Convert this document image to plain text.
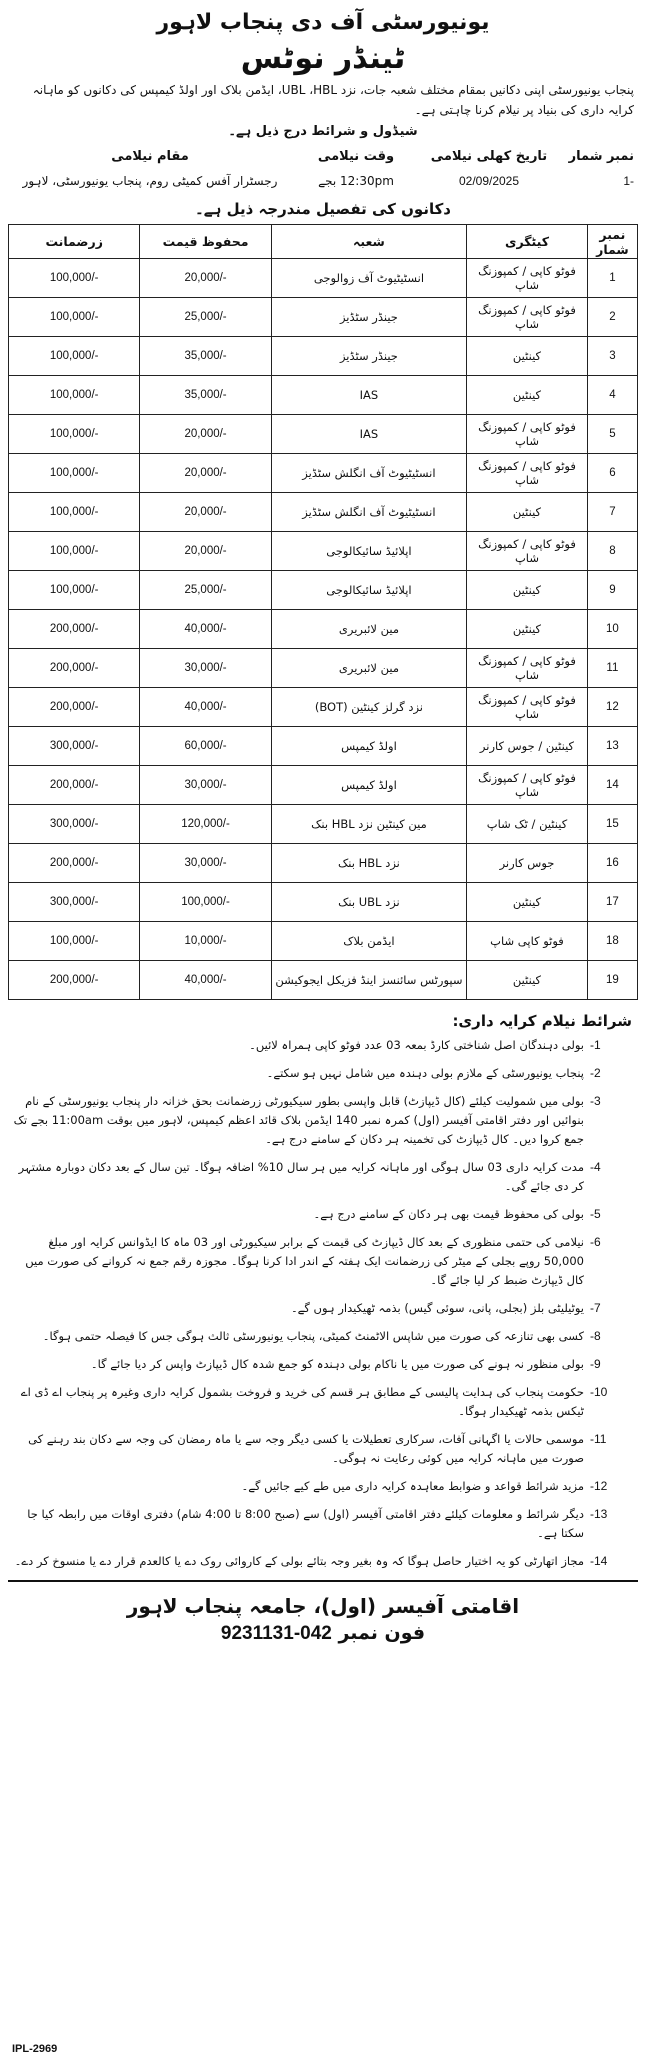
یونیورسٹی آف دی پنجاب لاہور
ٹینڈر نوٹس
پنجاب یونیورسٹی اپنی دکانیں بمقام مختلف شعبہ جات، نزد UBL ،HBL، ایڈمن بلاک اور اولڈ کیمپس کی دکانوں کو ماہانہ کرایہ داری کی بنیاد پر نیلام کرنا چاہتی ہے۔
شیڈول و شرائط درج ذیل ہے۔
نمبر شمار	تاریخ کھلی نیلامی	وقت نیلامی	مقام نیلامی
1-	02/09/2025	12:30pm بجے	رجسٹرار آفس کمیٹی روم، پنجاب یونیورسٹی، لاہور
دکانوں کی تفصیل مندرجہ ذیل ہے۔
نمبر شمار	کیٹگری	شعبہ	محفوظ قیمت	زرضمانت
1	فوٹو کاپی / کمپوزنگ شاپ	انسٹیٹیوٹ آف زوالوجی	20,000/-	100,000/-
2	فوٹو کاپی / کمپوزنگ شاپ	جینڈر سٹڈیز	25,000/-	100,000/-
3	کینٹین	جینڈر سٹڈیز	35,000/-	100,000/-
4	کینٹین	IAS	35,000/-	100,000/-
5	فوٹو کاپی / کمپوزنگ شاپ	IAS	20,000/-	100,000/-
6	فوٹو کاپی / کمپوزنگ شاپ	انسٹیٹیوٹ آف انگلش سٹڈیز	20,000/-	100,000/-
7	کینٹین	انسٹیٹیوٹ آف انگلش سٹڈیز	20,000/-	100,000/-
8	فوٹو کاپی / کمپوزنگ شاپ	اپلائیڈ سائیکالوجی	20,000/-	100,000/-
9	کینٹین	اپلائیڈ سائیکالوجی	25,000/-	100,000/-
10	کینٹین	مین لائبریری	40,000/-	200,000/-
11	فوٹو کاپی / کمپوزنگ شاپ	مین لائبریری	30,000/-	200,000/-
12	فوٹو کاپی / کمپوزنگ شاپ	نزد گرلز کینٹین (BOT)	40,000/-	200,000/-
13	کینٹین / جوس کارنر	اولڈ کیمپس	60,000/-	300,000/-
14	فوٹو کاپی / کمپوزنگ شاپ	اولڈ کیمپس	30,000/-	200,000/-
15	کینٹین / ٹک شاپ	مین کینٹین نزد HBL بنک	120,000/-	300,000/-
16	جوس کارنر	نزد HBL بنک	30,000/-	200,000/-
17	کینٹین	نزد UBL بنک	100,000/-	300,000/-
18	فوٹو کاپی شاپ	ایڈمن بلاک	10,000/-	100,000/-
19	کینٹین	سپورٹس سائنسز اینڈ فزیکل ایجوکیشن	40,000/-	200,000/-
شرائط نیلام کرایہ داری:
-1
بولی دہندگان اصل شناختی کارڈ بمعہ 03 عدد فوٹو کاپی ہمراہ لائیں۔
-2
پنجاب یونیورسٹی کے ملازم بولی دہندہ میں شامل نہیں ہو سکتے۔
-3
بولی میں شمولیت کیلئے (کال ڈیپازٹ) قابل واپسی بطور سیکیورٹی زرضمانت بحق خزانہ دار پنجاب یونیورسٹی کے نام بنوائیں اور دفتر اقامتی آفیسر (اول) کمرہ نمبر 140 ایڈمن بلاک قائد اعظم کیمپس، لاہور میں بوقت 11:00am بجے تک جمع کروا دیں۔ کال ڈیپازٹ کی تخمینہ ہر دکان کے سامنے درج ہے۔
-4
مدت کرایہ داری 03 سال ہوگی اور ماہانہ کرایہ میں ہر سال 10% اضافہ ہوگا۔ تین سال کے بعد دکان دوبارہ مشتہر کر دی جائے گی۔
-5
بولی کی محفوظ قیمت بھی ہر دکان کے سامنے درج ہے۔
-6
نیلامی کی حتمی منظوری کے بعد کال ڈیپازٹ کی قیمت کے برابر سیکیورٹی اور 03 ماہ کا ایڈوانس کرایہ اور مبلغ 50,000 روپے بجلی کے میٹر کی زرضمانت ایک ہفتہ کے اندر ادا کرنا ہوگا۔ مجوزہ رقم جمع نہ کروانے کی صورت میں کال ڈیپازٹ ضبط کر لیا جائے گا۔
-7
یوٹیلیٹی بلز (بجلی، پانی، سوئی گیس) بذمہ ٹھیکیدار ہوں گے۔
-8
کسی بھی تنازعہ کی صورت میں شاپس الاٹمنٹ کمیٹی، پنجاب یونیورسٹی ثالث ہوگی جس کا فیصلہ حتمی ہوگا۔
-9
بولی منظور نہ ہونے کی صورت میں یا ناکام بولی دہندہ کو جمع شدہ کال ڈیپازٹ واپس کر دیا جائے گا۔
-10
حکومت پنجاب کی ہدایت پالیسی کے مطابق ہر قسم کی خرید و فروخت بشمول کرایہ داری وغیرہ پر پنجاب اے ڈی اے ٹیکس بذمہ ٹھیکیدار ہوگا۔
-11
موسمی حالات یا اگہانی آفات، سرکاری تعطیلات یا کسی دیگر وجہ سے یا ماہ رمضان کی وجہ سے دکان بند رہنے کی صورت میں ماہانہ کرایہ میں کوئی رعایت نہ ہوگی۔
-12
مزید شرائط قواعد و ضوابط معاہدہ کرایہ داری میں طے کیے جائیں گے۔
-13
دیگر شرائط و معلومات کیلئے دفتر اقامتی آفیسر (اول) سے (صبح 8:00 تا 4:00 شام) دفتری اوقات میں رابطہ کیا جا سکتا ہے۔
-14
مجاز اتھارٹی کو یہ اختیار حاصل ہوگا کہ وہ بغیر وجہ بتائے بولی کے کاروائی روک دے یا کالعدم قرار دے یا منسوخ کر دے۔
اقامتی آفیسر (اول)، جامعہ پنجاب لاہور
فون نمبر 042-9231131
IPL-2969
